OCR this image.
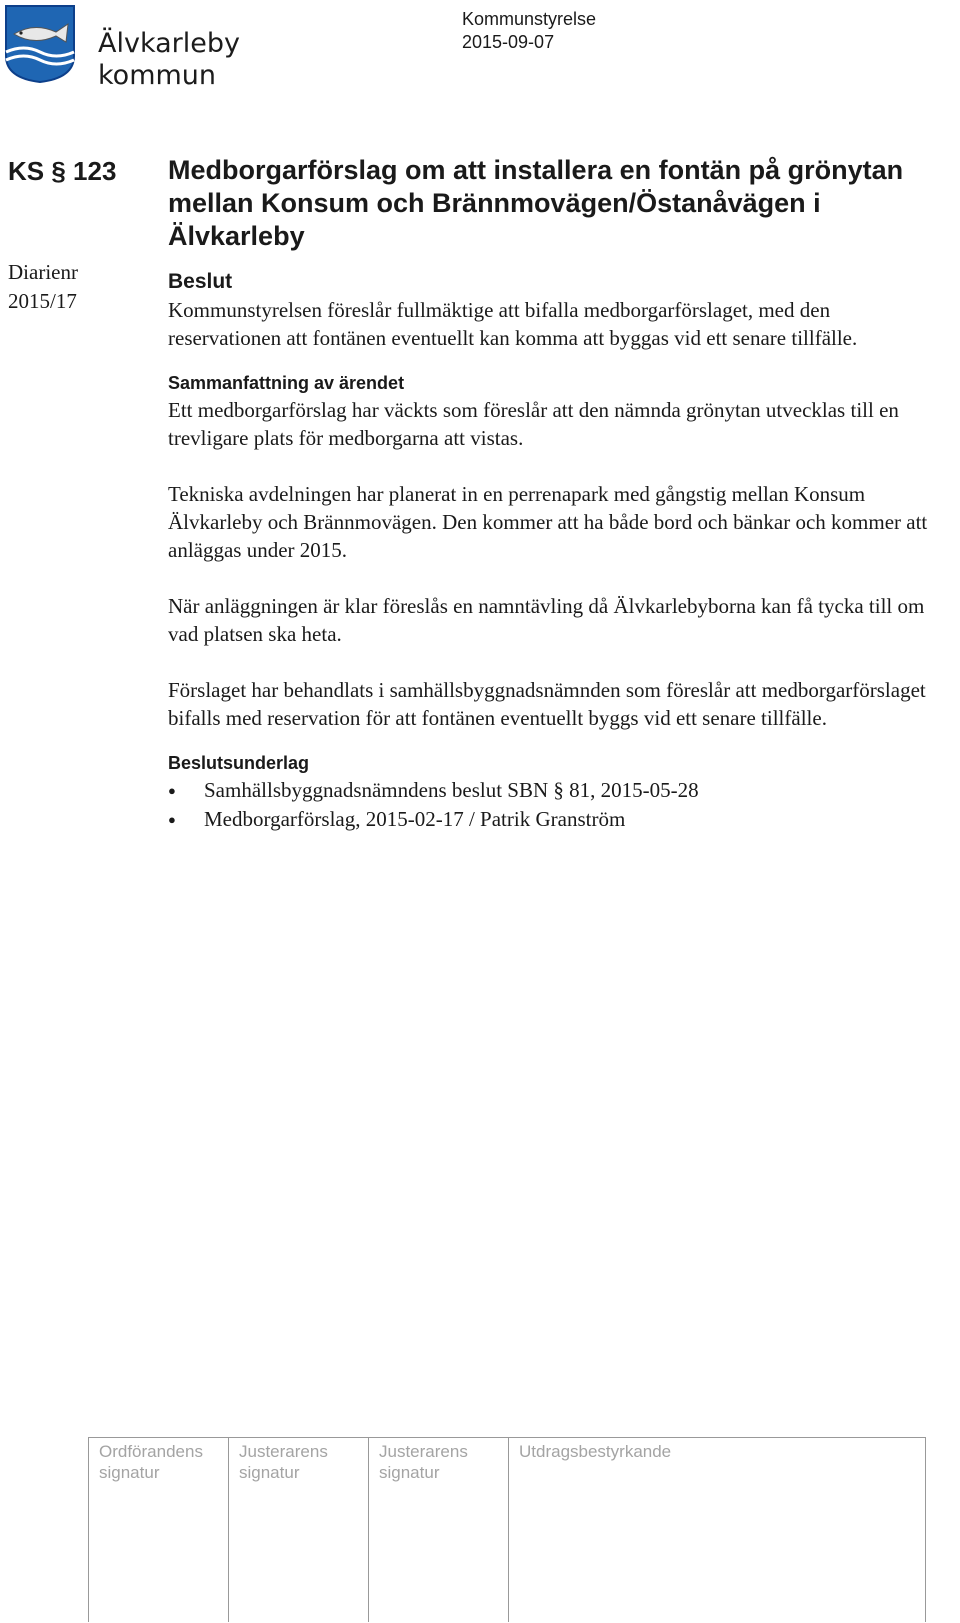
Älvkarleby
kommun
Kommunstyrelse
2015-09-07
KS § 123
Diarienr
2015/17
Medborgarförslag om att installera en fontän på grönytan mellan Konsum och Brännmovägen/Östanåvägen i Älvkarleby
Beslut

Kommunstyrelsen föreslår fullmäktige att bifalla medborgarförslaget, med den reservationen att fontänen eventuellt kan komma att byggas vid ett senare tillfälle.

Sammanfattning av ärendet

Ett medborgarförslag har väckts som föreslår att den nämnda grönytan utvecklas till en trevligare plats för medborgarna att vistas.

Tekniska avdelningen har planerat in en perrenapark med gångstig mellan Konsum Älvkarleby och Brännmovägen. Den kommer att ha både bord och bänkar och kommer att anläggas under 2015.

När anläggningen är klar föreslås en namntävling då Älvkarlebyborna kan få tycka till om vad platsen ska heta.

Förslaget har behandlats i samhällsbyggnadsnämnden som föreslår att medborgarförslaget bifalls med reservation för att fontänen eventuellt byggs vid ett senare tillfälle.

Beslutsunderlag
● Samhällsbyggnadsnämndens beslut SBN § 81, 2015-05-28
● Medborgarförslag, 2015-02-17 / Patrik Granström
Ordförandens
signatur

Justerarens
signatur

Justerarens
signatur

Utdragsbestyrkande
